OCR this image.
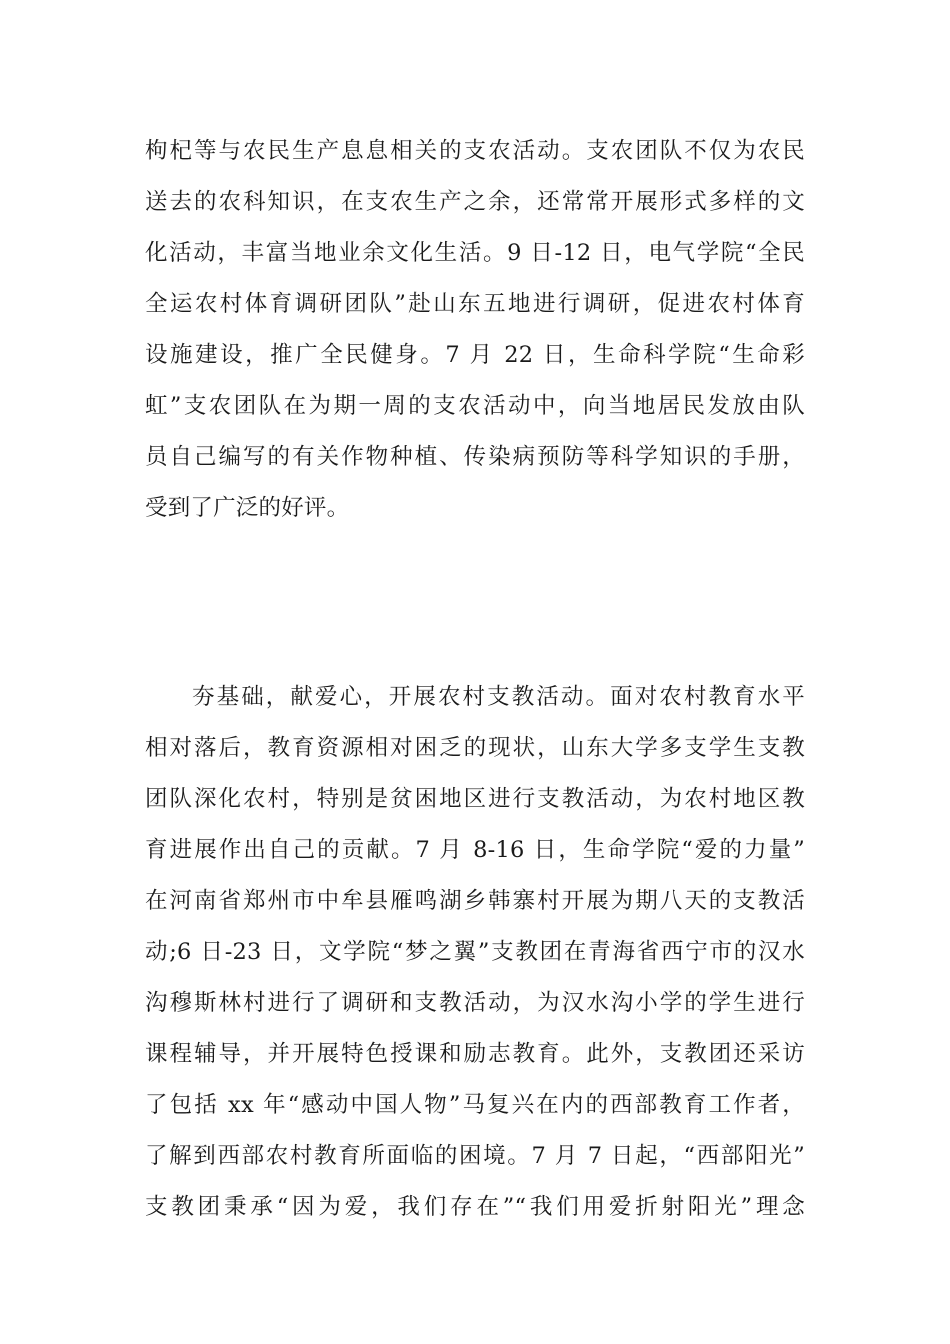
枸杞等与农民生产息息相关的支农活动。支农团队不仅为农民
送去的农科知识，在支农生产之余，还常常开展形式多样的文
化活动，丰富当地业余文化生活。9 日-12 日，电气学院“全民
全运农村体育调研团队”赴山东五地进行调研，促进农村体育
设施建设，推广全民健身。7 月 22 日，生命科学院“生命彩
虹”支农团队在为期一周的支农活动中，向当地居民发放由队
员自己编写的有关作物种植、传染病预防等科学知识的手册，
受到了广泛的好评。
夯基础，献爱心，开展农村支教活动。面对农村教育水平
相对落后，教育资源相对困乏的现状，山东大学多支学生支教
团队深化农村，特别是贫困地区进行支教活动，为农村地区教
育进展作出自己的贡献。7 月 8-16 日，生命学院“爱的力量”
在河南省郑州市中牟县雁鸣湖乡韩寨村开展为期八天的支教活
动;6 日-23 日，文学院“梦之翼”支教团在青海省西宁市的汉水
沟穆斯林村进行了调研和支教活动，为汉水沟小学的学生进行
课程辅导，并开展特色授课和励志教育。此外，支教团还采访
了包括 xx 年“感动中国人物”马复兴在内的西部教育工作者，
了解到西部农村教育所面临的困境。7 月 7 日起，“西部阳光”
支教团秉承“因为爱，我们存在”“我们用爱折射阳光”理念
